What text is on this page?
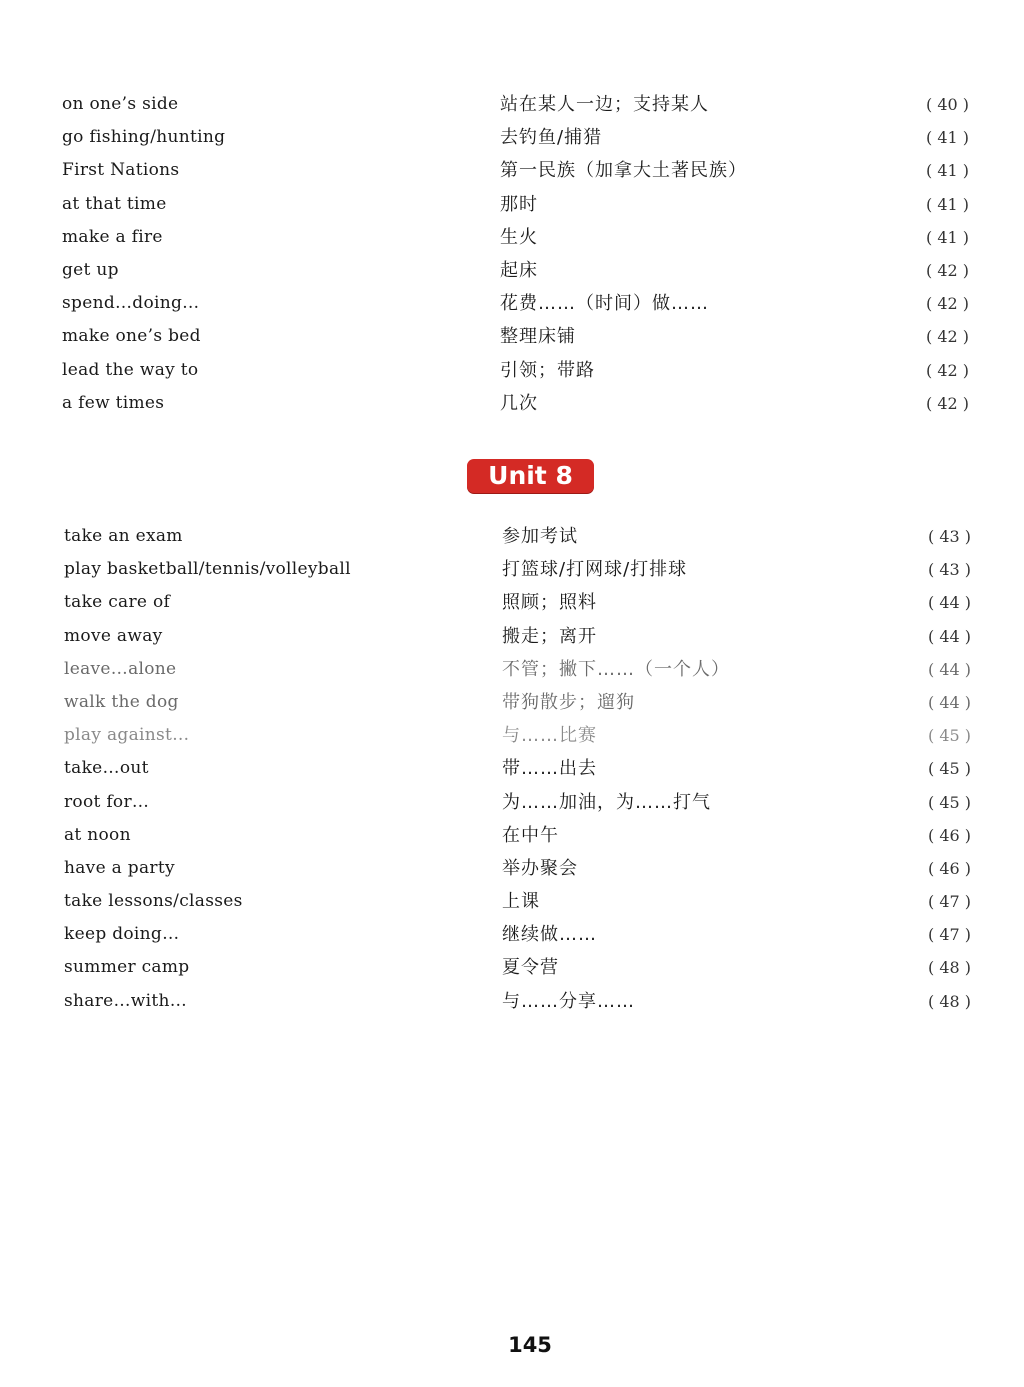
on one’s side	站在某人一边；支持某人	( 40 )
go fishing/hunting	去钓鱼/捕猎	( 41 )
First Nations	第一民族（加拿大土著民族）	( 41 )
at that time	那时	( 41 )
make a fire	生火	( 41 )
get up	起床	( 42 )
spend…doing…	花费……（时间）做……	( 42 )
make one’s bed	整理床铺	( 42 )
lead the way to	引领；带路	( 42 )
a few times	几次	( 42 )
Unit 8
take an exam	参加考试	( 43 )
play basketball/tennis/volleyball	打篮球/打网球/打排球	( 43 )
take care of	照顾；照料	( 44 )
move away	搬走；离开	( 44 )
leave…alone	不管；撇下……（一个人）	( 44 )
walk the dog	带狗散步；遛狗	( 44 )
play against…	与……比赛	( 45 )
take…out	带……出去	( 45 )
root for…	为……加油，为……打气	( 45 )
at noon	在中午	( 46 )
have a party	举办聚会	( 46 )
take lessons/classes	上课	( 47 )
keep doing…	继续做……	( 47 )
summer camp	夏令营	( 48 )
share…with…	与……分享……	( 48 )
145
